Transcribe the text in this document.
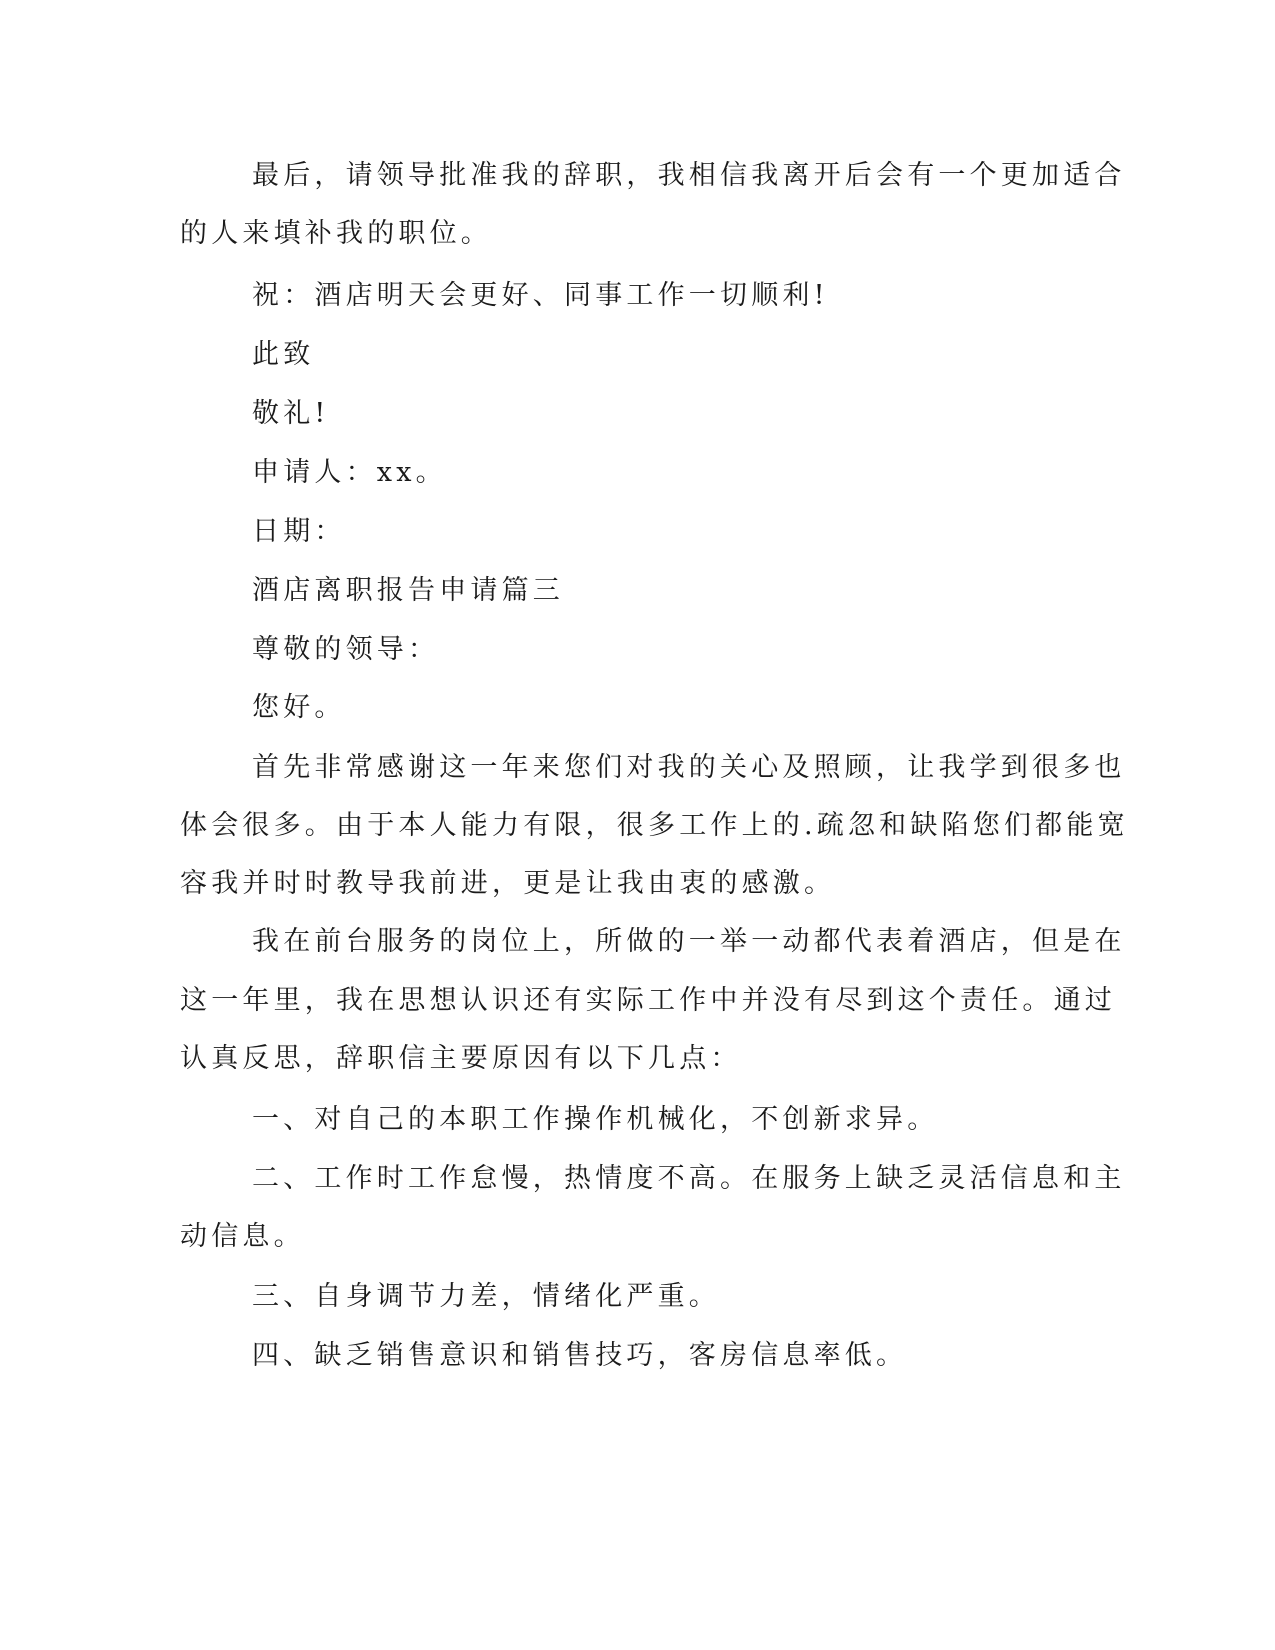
最后，请领导批准我的辞职，我相信我离开后会有一个更加适合
的人来填补我的职位。
祝：酒店明天会更好、同事工作一切顺利!
此致
敬礼!
申请人：xx。
日期：
酒店离职报告申请篇三
尊敬的领导：
您好。
首先非常感谢这一年来您们对我的关心及照顾，让我学到很多也
体会很多。由于本人能力有限，很多工作上的.疏忽和缺陷您们都能宽
容我并时时教导我前进，更是让我由衷的感激。
我在前台服务的岗位上，所做的一举一动都代表着酒店，但是在
这一年里，我在思想认识还有实际工作中并没有尽到这个责任。通过
认真反思，辞职信主要原因有以下几点：
一、对自己的本职工作操作机械化，不创新求异。
二、工作时工作怠慢，热情度不高。在服务上缺乏灵活信息和主
动信息。
三、自身调节力差，情绪化严重。
四、缺乏销售意识和销售技巧，客房信息率低。
